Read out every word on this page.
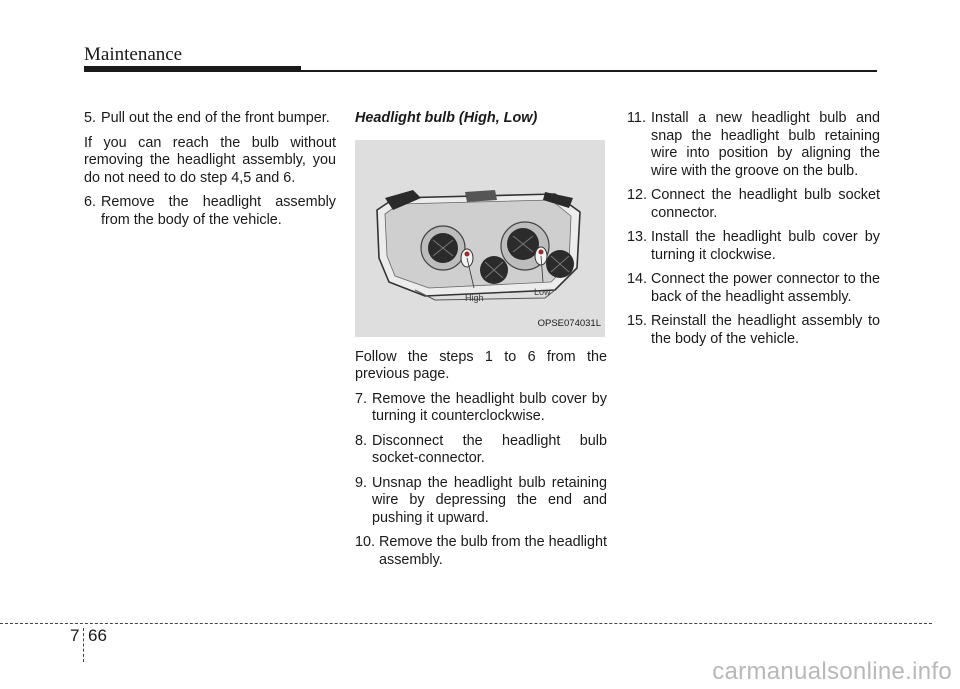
Maintenance
5. Pull out the end of the front bumper.

If you can reach the bulb without removing the headlight assembly, you do not need to do step 4,5 and 6.

6. Remove the headlight assembly from the body of the vehicle.
Headlight bulb (High, Low)
High
Low
OPSE074031L

Follow the steps 1 to 6 from the previous page.

7. Remove the headlight bulb cover by turning it counterclockwise.
8. Disconnect the headlight bulb socket-connector.
9. Unsnap the headlight bulb retaining wire by depressing the end and pushing it upward.
10. Remove the bulb from the headlight assembly.
11. Install a new headlight bulb and snap the headlight bulb retaining wire into position by aligning the wire with the groove on the bulb.
12. Connect the headlight bulb socket connector.
13. Install the headlight bulb cover by turning it clockwise.
14. Connect the power connector to the back of the headlight assembly.
15. Reinstall the headlight assembly to the body of the vehicle.
7 66
carmanualsonline.info
